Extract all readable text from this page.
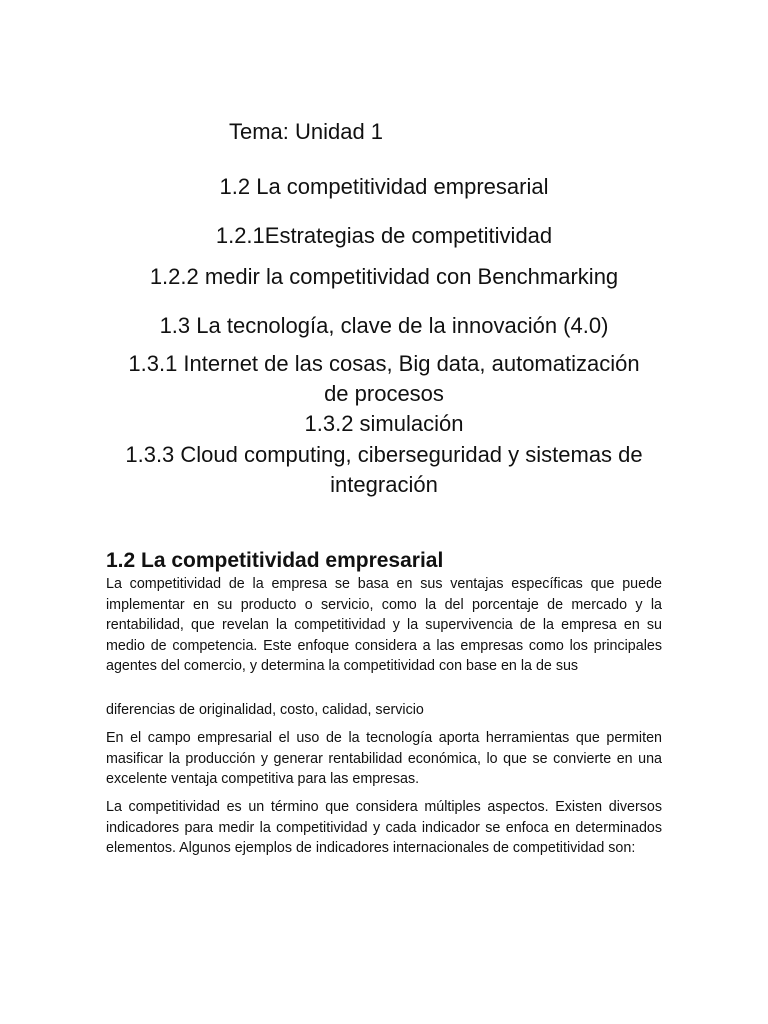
Tema: Unidad 1
1.2 La competitividad empresarial
1.2.1Estrategias de competitividad
1.2.2 medir la competitividad con Benchmarking
1.3 La tecnología, clave de la innovación (4.0)
1.3.1 Internet de las cosas, Big data, automatización
de procesos
1.3.2 simulación
1.3.3 Cloud computing, ciberseguridad y sistemas de
integración
1.2 La competitividad empresarial

La competitividad de la empresa se basa en sus ventajas específicas que puede implementar en su producto o servicio, como la del porcentaje de mercado y la rentabilidad, que revelan la competitividad y la supervivencia de la empresa en su medio de competencia. Este enfoque considera a las empresas como los principales agentes del comercio, y determina la competitividad con base en la de sus

diferencias de originalidad, costo, calidad, servicio

En el campo empresarial el uso de la tecnología aporta herramientas que permiten masificar la producción y generar rentabilidad económica, lo que se convierte en una excelente ventaja competitiva para las empresas.

La competitividad es un término que considera múltiples aspectos. Existen diversos indicadores para medir la competitividad y cada indicador se enfoca en determinados elementos. Algunos ejemplos de indicadores internacionales de competitividad son:
